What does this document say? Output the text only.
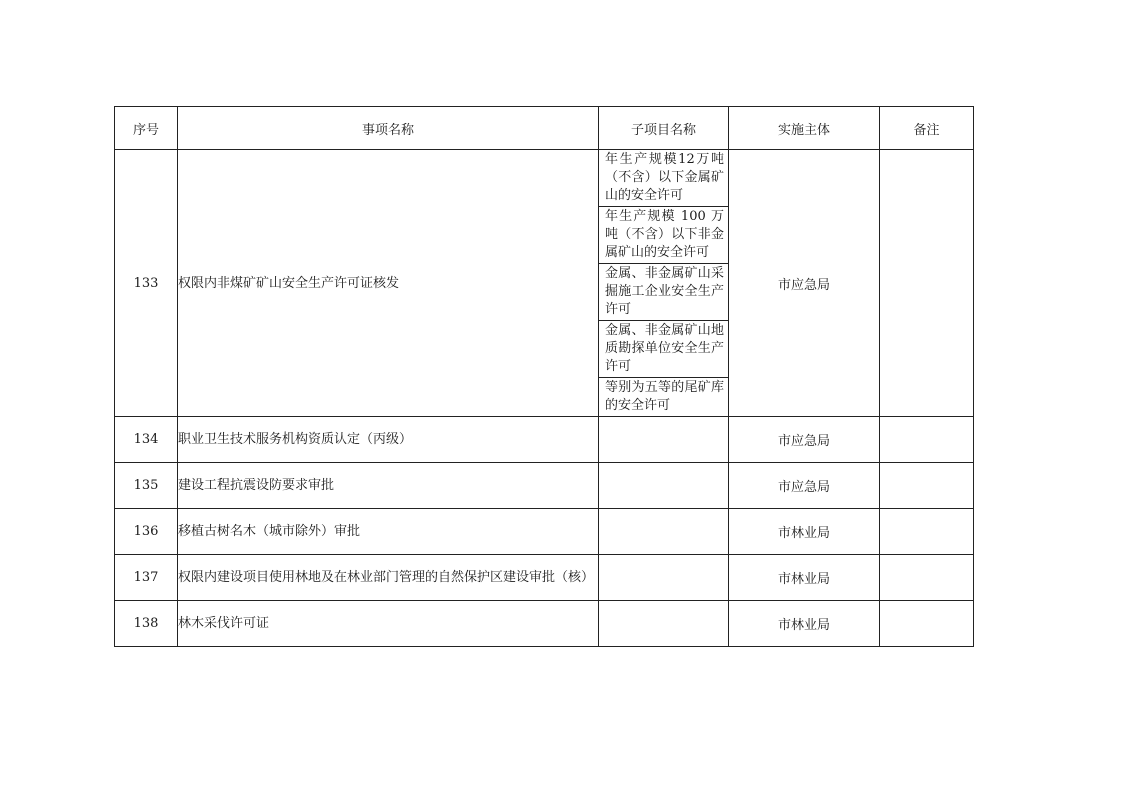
序号	事项名称	子项目名称	实施主体	备注
133	权限内非煤矿矿山安全生产许可证核发	年生产规模12万吨（不含）以下金属矿山的安全许可
年生产规模 100 万吨（不含）以下非金属矿山的安全许可
金属、非金属矿山采掘施工企业安全生产许可
金属、非金属矿山地质勘探单位安全生产许可
等别为五等的尾矿库的安全许可	市应急局	
134	职业卫生技术服务机构资质认定（丙级）		市应急局	
135	建设工程抗震设防要求审批		市应急局	
136	移植古树名木（城市除外）审批		市林业局	
137	权限内建设项目使用林地及在林业部门管理的自然保护区建设审批（核）		市林业局	
138	林木采伐许可证		市林业局	
